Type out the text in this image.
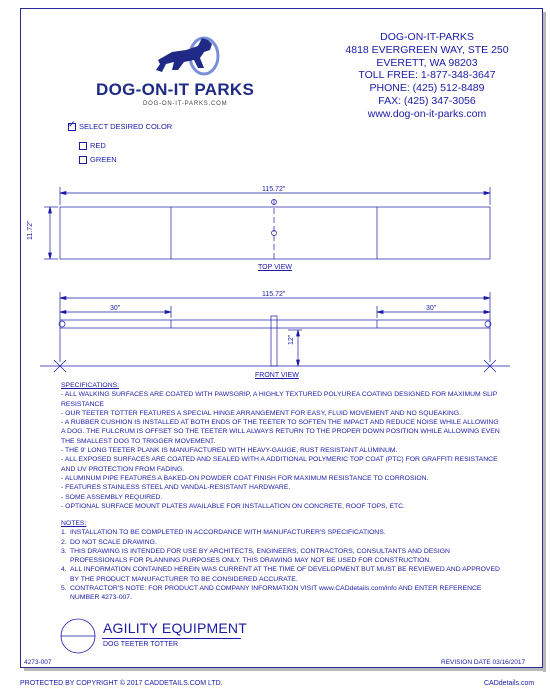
DOG-ON-IT PARKS
DOG-ON-IT-PARKS.COM
DOG-ON-IT-PARKS
4818 EVERGREEN WAY, STE 250
EVERETT, WA 98203
TOLL FREE: 1-877-348-3647
PHONE: (425) 512-8489
FAX: (425) 347-3056
www.dog-on-it-parks.com
✓SELECT DESIRED COLOR
RED
GREEN
115.72"
11.72"
TOP VIEW
115.72"
30"	30"
12"
FRONT VIEW
SPECIFICATIONS:
- ALL WALKING SURFACES ARE COATED WITH PAWSGRIP, A HIGHLY TEXTURED POLYUREA COATING DESIGNED FOR MAXIMUM SLIP RESISTANCE
- OUR TEETER TOTTER FEATURES A SPECIAL HINGE ARRANGEMENT FOR EASY, FLUID MOVEMENT AND NO SQUEAKING.
- A RUBBER CUSHION IS INSTALLED AT BOTH ENDS OF THE TEETER TO SOFTEN THE IMPACT AND REDUCE NOISE WHILE ALLOWING A DOG. THE FULCRUM IS OFFSET SO THE TEETER WILL ALWAYS RETURN TO THE PROPER DOWN POSITION WHILE ALLOWING EVEN THE SMALLEST DOG TO TRIGGER MOVEMENT.
- THE 9' LONG TEETER PLANK IS MANUFACTURED WITH HEAVY-GAUGE, RUST RESISTANT ALUMINUM.
- ALL EXPOSED SURFACES ARE COATED AND SEALED WITH A ADDITIONAL POLYMERIC TOP COAT (PTC) FOR GRAFFITI RESISTANCE AND UV PROTECTION FROM FADING.
- ALUMINUM PIPE FEATURES A BAKED-ON POWDER COAT FINISH FOR MAXIMUM RESISTANCE TO CORROSION.
- FEATURES STAINLESS STEEL AND VANDAL-RESISTANT HARDWARE.
- SOME ASSEMBLY REQUIRED.
- OPTIONAL SURFACE MOUNT PLATES AVAILABLE FOR INSTALLATION ON CONCRETE, ROOF TOPS, ETC.
NOTES:
1. INSTALLATION TO BE COMPLETED IN ACCORDANCE WITH MANUFACTURER'S SPECIFICATIONS.
2. DO NOT SCALE DRAWING.
3. THIS DRAWING IS INTENDED FOR USE BY ARCHITECTS, ENGINEERS, CONTRACTORS, CONSULTANTS AND DESIGN PROFESSIONALS FOR PLANNING PURPOSES ONLY. THIS DRAWING MAY NOT BE USED FOR CONSTRUCTION.
4. ALL INFORMATION CONTAINED HEREIN WAS CURRENT AT THE TIME OF DEVELOPMENT BUT MUST BE REVIEWED AND APPROVED BY THE PRODUCT MANUFACTURER TO BE CONSIDERED ACCURATE.
5. CONTRACTOR'S NOTE: FOR PRODUCT AND COMPANY INFORMATION VISIT www.CADdetails.com/info AND ENTER REFERENCE NUMBER 4273-007.
AGILITY EQUIPMENT
DOG TEETER TOTTER
4273-007	REVISION DATE 03/16/2017
PROTECTED BY COPYRIGHT © 2017 CADDETAILS.COM LTD.	CADdetails.com
